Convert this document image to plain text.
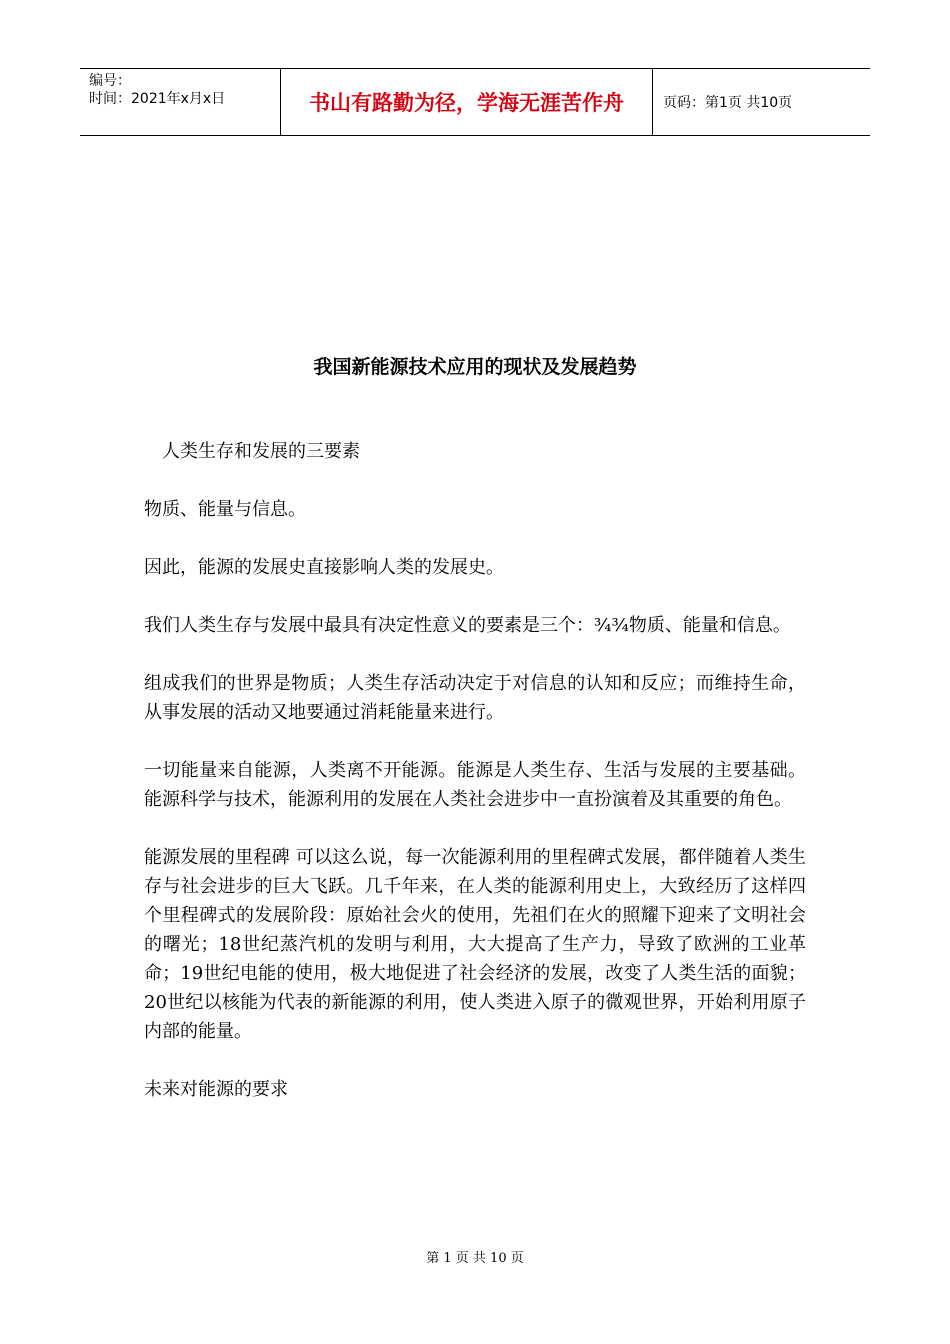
编号：
时间：2021年x月x日	书山有路勤为径，学海无涯苦作舟	页码：第1页 共10页
我国新能源技术应用的现状及发展趋势

人类生存和发展的三要素

物质、能量与信息。

因此，能源的发展史直接影响人类的发展史。

我们人类生存与发展中最具有决定性意义的要素是三个：¾¾物质、能量和信息。

组成我们的世界是物质；人类生存活动决定于对信息的认知和反应；而维持生命，从事发展的活动又地要通过消耗能量来进行。

一切能量来自能源，人类离不开能源。能源是人类生存、生活与发展的主要基础。能源科学与技术，能源利用的发展在人类社会进步中一直扮演着及其重要的角色。

能源发展的里程碑 可以这么说，每一次能源利用的里程碑式发展，都伴随着人类生存与社会进步的巨大飞跃。几千年来，在人类的能源利用史上，大致经历了这样四个里程碑式的发展阶段：原始社会火的使用，先祖们在火的照耀下迎来了文明社会的曙光；18世纪蒸汽机的发明与利用，大大提高了生产力，导致了欧洲的工业革命；19世纪电能的使用，极大地促进了社会经济的发展，改变了人类生活的面貌；20世纪以核能为代表的新能源的利用，使人类进入原子的微观世界，开始利用原子内部的能量。

未来对能源的要求

第 1 页 共 10 页
